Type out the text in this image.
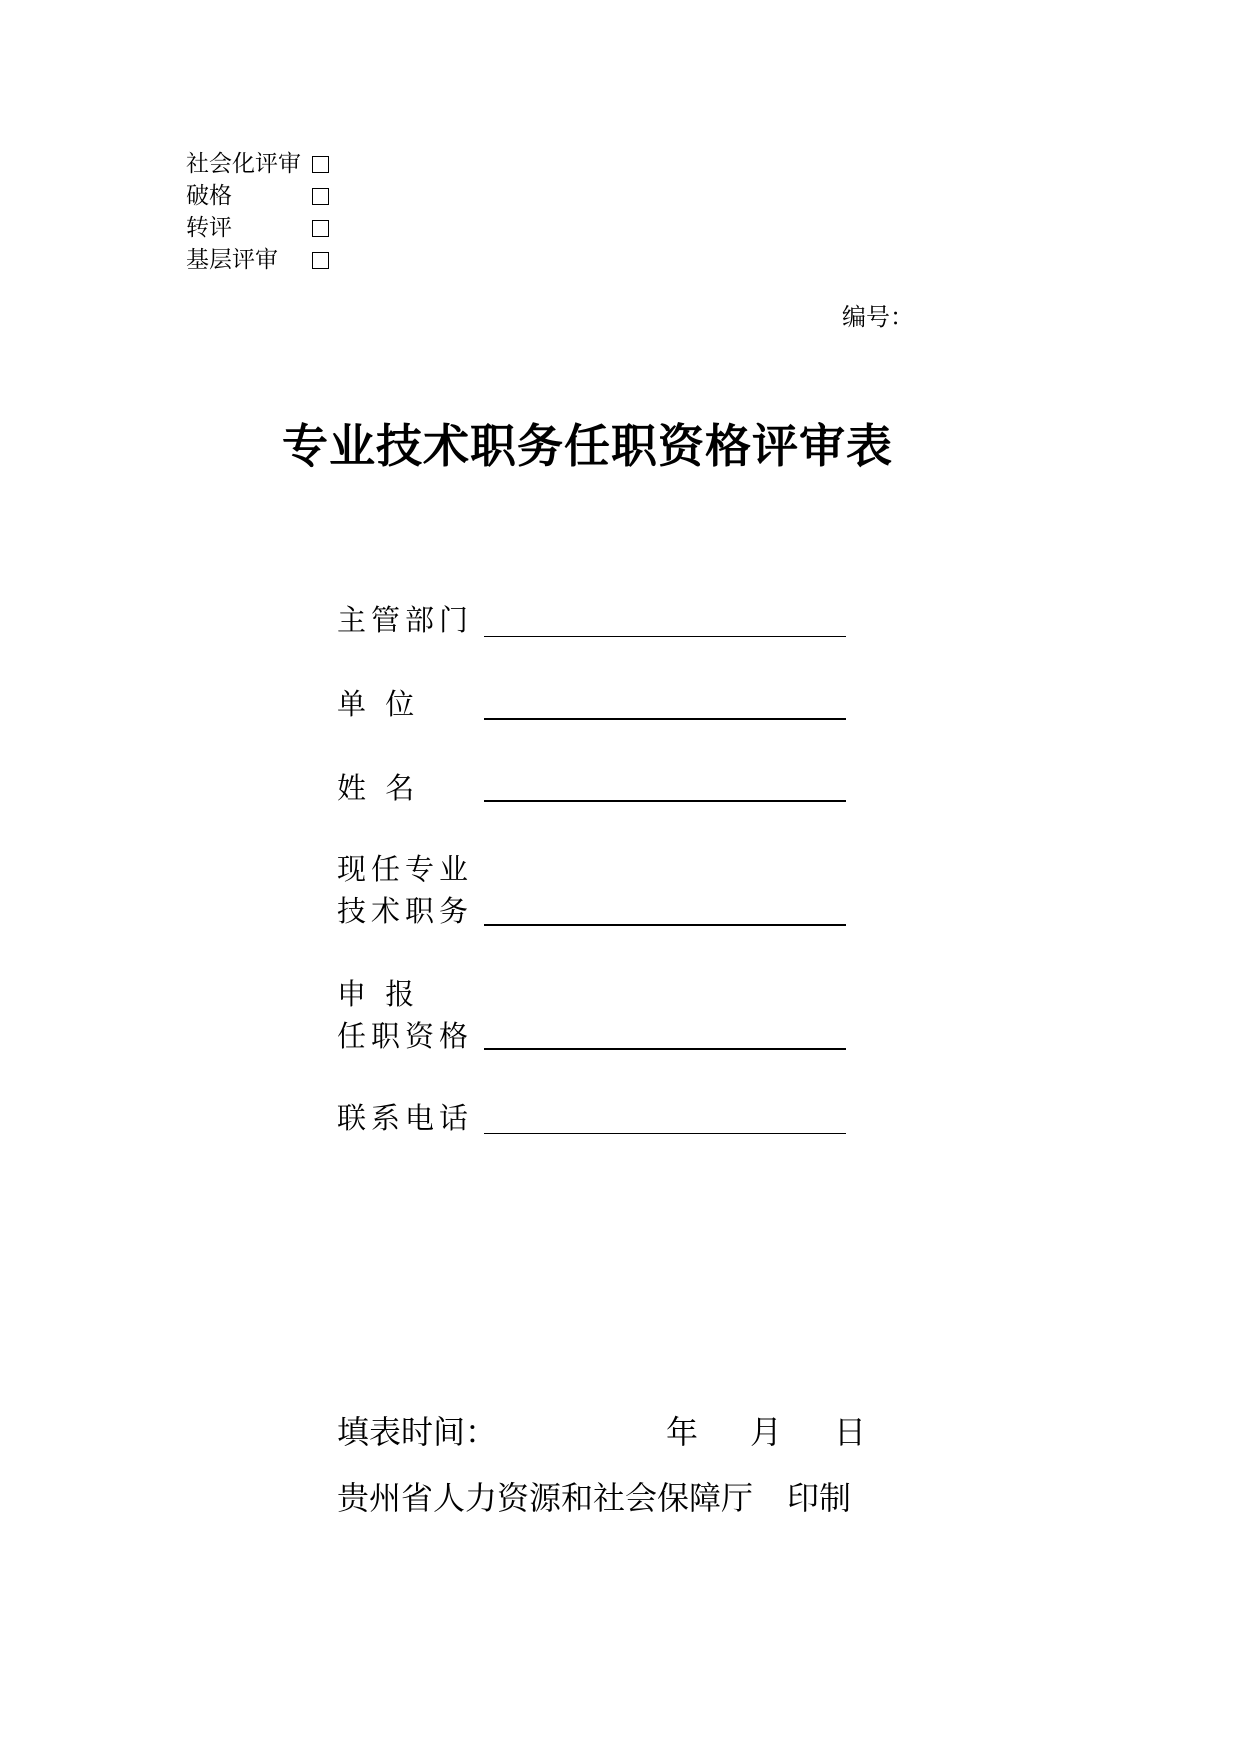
社会化评审
破格
转评
基层评审
编号：
专业技术职务任职资格评审表
主管部门
单 位
姓 名
现任专业
技术职务
申 报
任职资格
联系电话
填表时间：	年 月 日
贵州省人力资源和社会保障厅 印制
